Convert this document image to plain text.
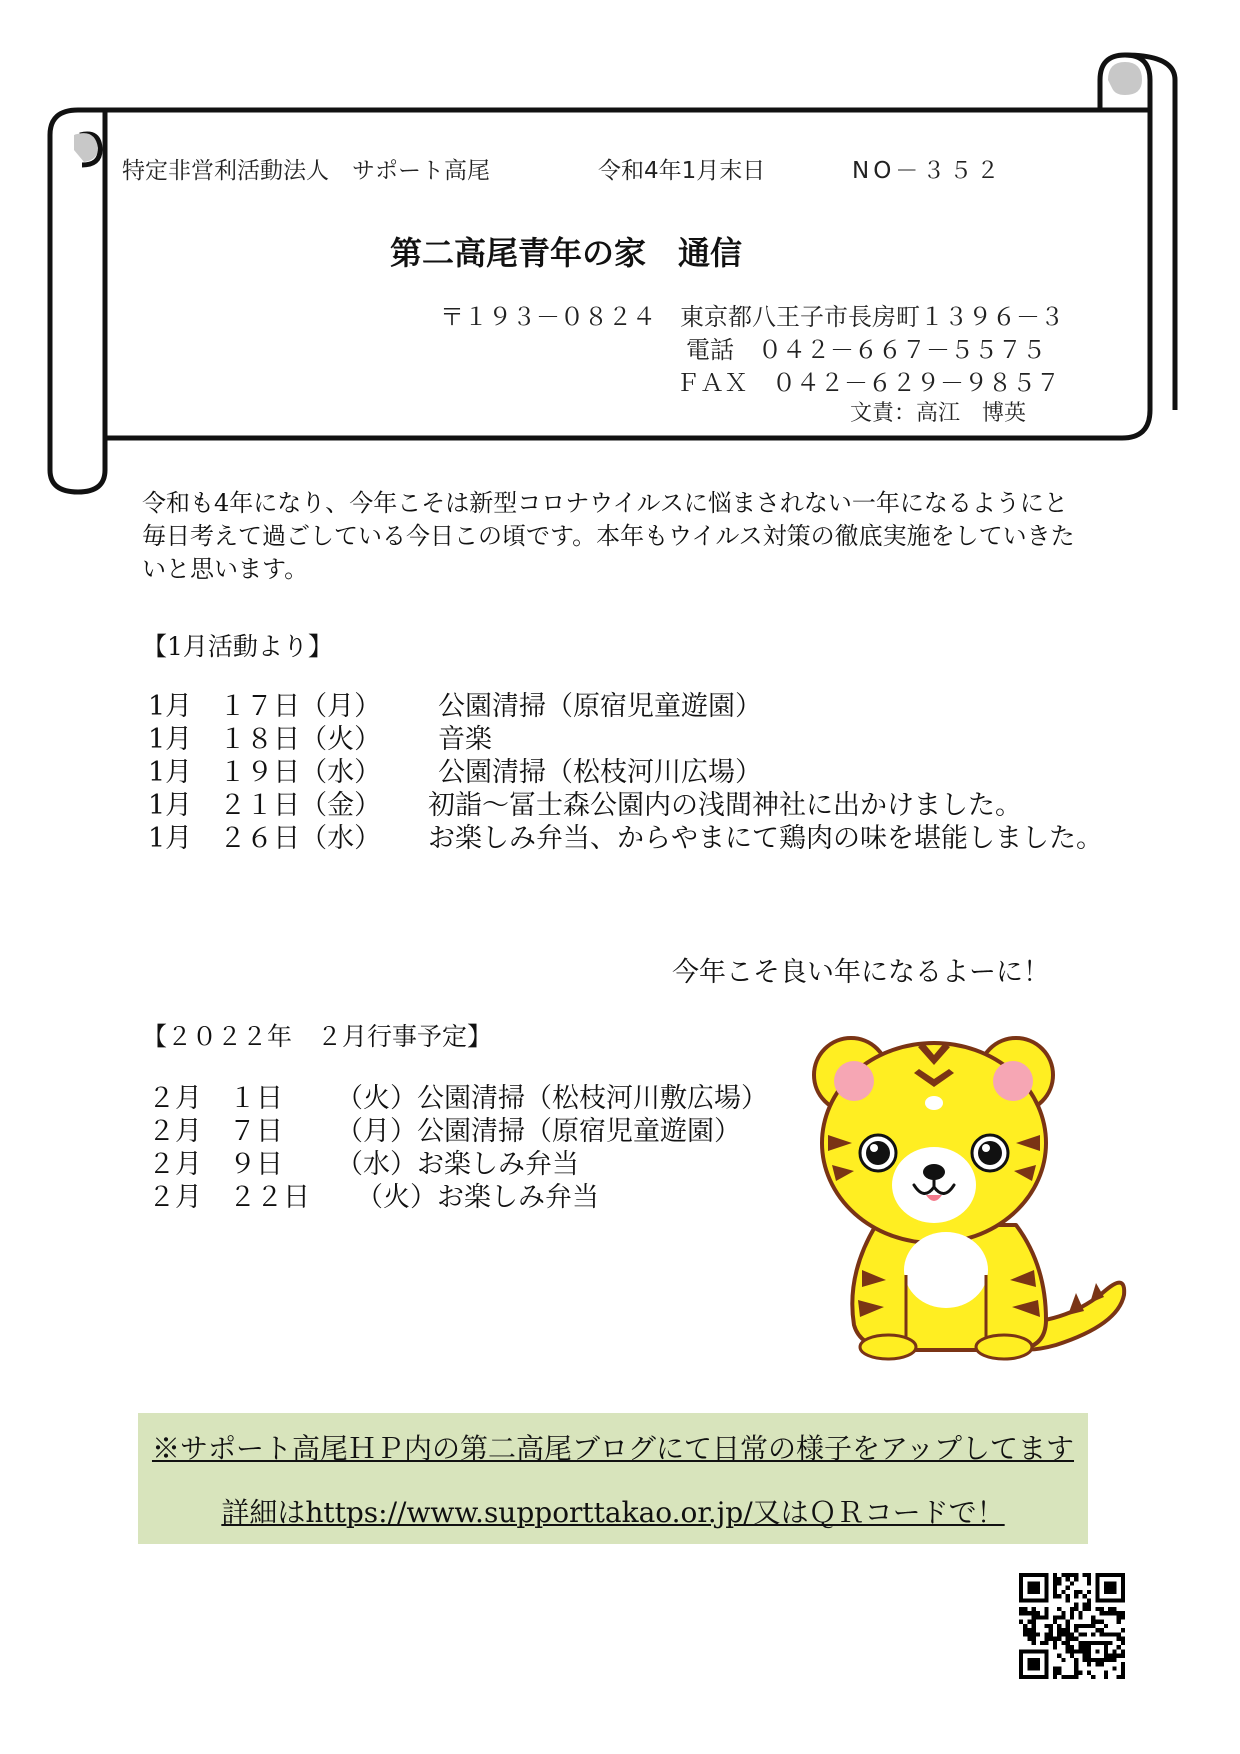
特定非営利活動法人　サポート高尾	令和4年1月末日	NO－３５２
第二高尾青年の家　通信
〒１９３－０８２４　東京都八王子市長房町１３９６－３
電話　０４２－６６７－５５７５
ＦＡＸ　０４２－６２９－９８５７
文責：高江　博英
令和も4年になり、今年こそは新型コロナウイルスに悩まされない一年になるようにと
毎日考えて過ごしている今日この頃です。本年もウイルス対策の徹底実施をしていきた
いと思います。
【1月活動より】
1月　１７日（月） 公園清掃（原宿児童遊園）
1月　１８日（火） 音楽
1月　１９日（水） 公園清掃（松枝河川広場）
1月　２１日（金） 初詣～冨士森公園内の浅間神社に出かけました。
1月　２６日（水） お楽しみ弁当、からやまにて鶏肉の味を堪能しました。
今年こそ良い年になるよーに！
【２０２２年　２月行事予定】
２月　１日 （火）公園清掃（松枝河川敷広場）
２月　７日 （月）公園清掃（原宿児童遊園）
２月　９日 （水）お楽しみ弁当
２月　２２日 （火）お楽しみ弁当
※サポート高尾ＨＰ内の第二高尾ブログにて日常の様子をアップしてます
詳細はhttps://www.supporttakao.or.jp/又はＱＲコードで！
